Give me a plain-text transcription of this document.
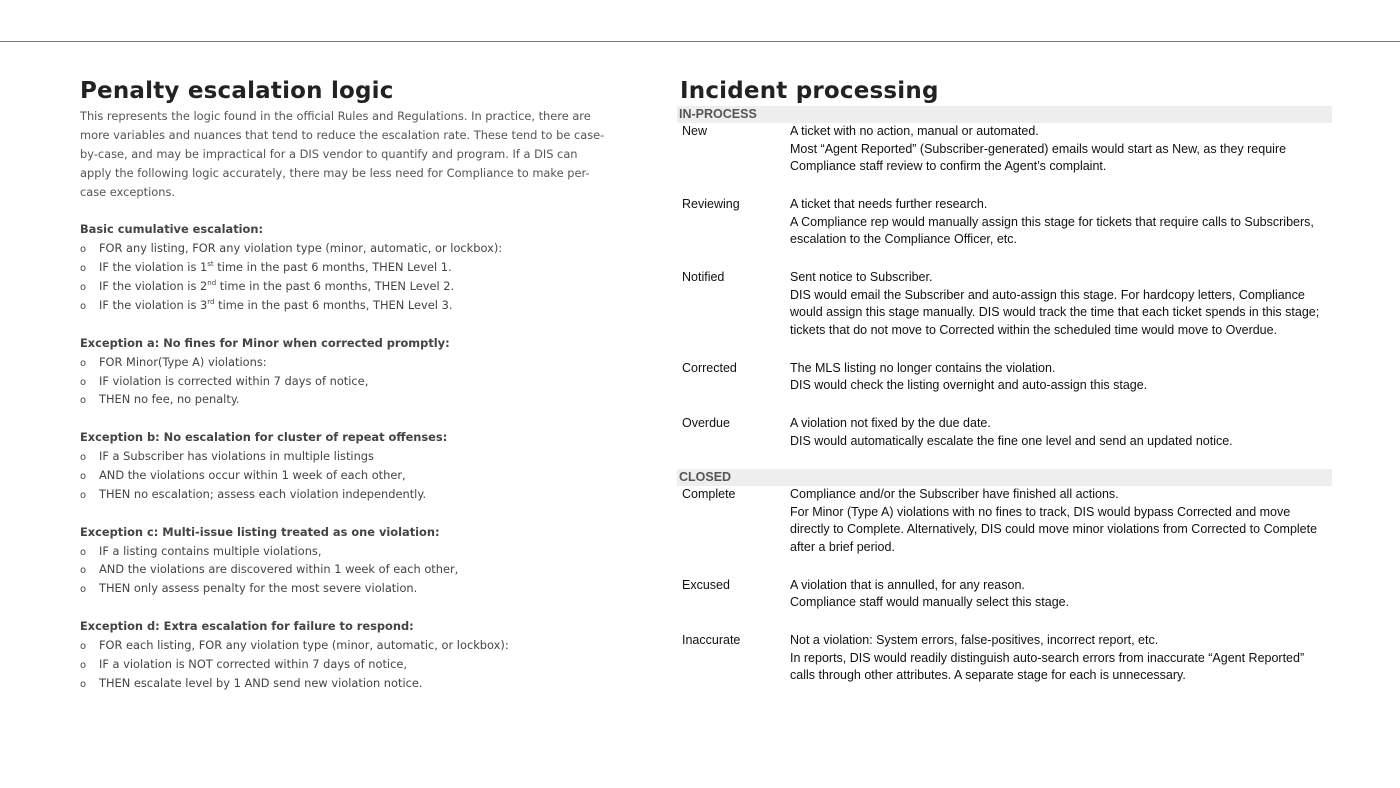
Penalty escalation logic
This represents the logic found in the official Rules and Regulations. In practice, there are more variables and nuances that tend to reduce the escalation rate. These tend to be case-by-case, and may be impractical for a DIS vendor to quantify and program. If a DIS can apply the following logic accurately, there may be less need for Compliance to make per-case exceptions.
Basic cumulative escalation:
o FOR any listing, FOR any violation type (minor, automatic, or lockbox):
o IF the violation is 1st time in the past 6 months, THEN Level 1.
o IF the violation is 2nd time in the past 6 months, THEN Level 2.
o IF the violation is 3rd time in the past 6 months, THEN Level 3.
Exception a: No fines for Minor when corrected promptly:
o FOR Minor(Type A) violations:
o IF violation is corrected within 7 days of notice,
o THEN no fee, no penalty.
Exception b: No escalation for cluster of repeat offenses:
o IF a Subscriber has violations in multiple listings
o AND the violations occur within 1 week of each other,
o THEN no escalation; assess each violation independently.
Exception c: Multi-issue listing treated as one violation:
o IF a listing contains multiple violations,
o AND the violations are discovered within 1 week of each other,
o THEN only assess penalty for the most severe violation.
Exception d: Extra escalation for failure to respond:
o FOR each listing, FOR any violation type (minor, automatic, or lockbox):
o IF a violation is NOT corrected within 7 days of notice,
o THEN escalate level by 1 AND send new violation notice.
Incident processing
IN-PROCESS
New	A ticket with no action, manual or automated.
Most “Agent Reported” (Subscriber-generated) emails would start as New, as they require Compliance staff review to confirm the Agent’s complaint.
Reviewing	A ticket that needs further research.
A Compliance rep would manually assign this stage for tickets that require calls to Subscribers, escalation to the Compliance Officer, etc.
Notified	Sent notice to Subscriber.
DIS would email the Subscriber and auto-assign this stage. For hardcopy letters, Compliance would assign this stage manually. DIS would track the time that each ticket spends in this stage; tickets that do not move to Corrected within the scheduled time would move to Overdue.
Corrected	The MLS listing no longer contains the violation.
DIS would check the listing overnight and auto-assign this stage.
Overdue	A violation not fixed by the due date.
DIS would automatically escalate the fine one level and send an updated notice.
CLOSED
Complete	Compliance and/or the Subscriber have finished all actions.
For Minor (Type A) violations with no fines to track, DIS would bypass Corrected and move directly to Complete. Alternatively, DIS could move minor violations from Corrected to Complete after a brief period.
Excused	A violation that is annulled, for any reason.
Compliance staff would manually select this stage.
Inaccurate	Not a violation: System errors, false-positives, incorrect report, etc.
In reports, DIS would readily distinguish auto-search errors from inaccurate “Agent Reported” calls through other attributes. A separate stage for each is unnecessary.
